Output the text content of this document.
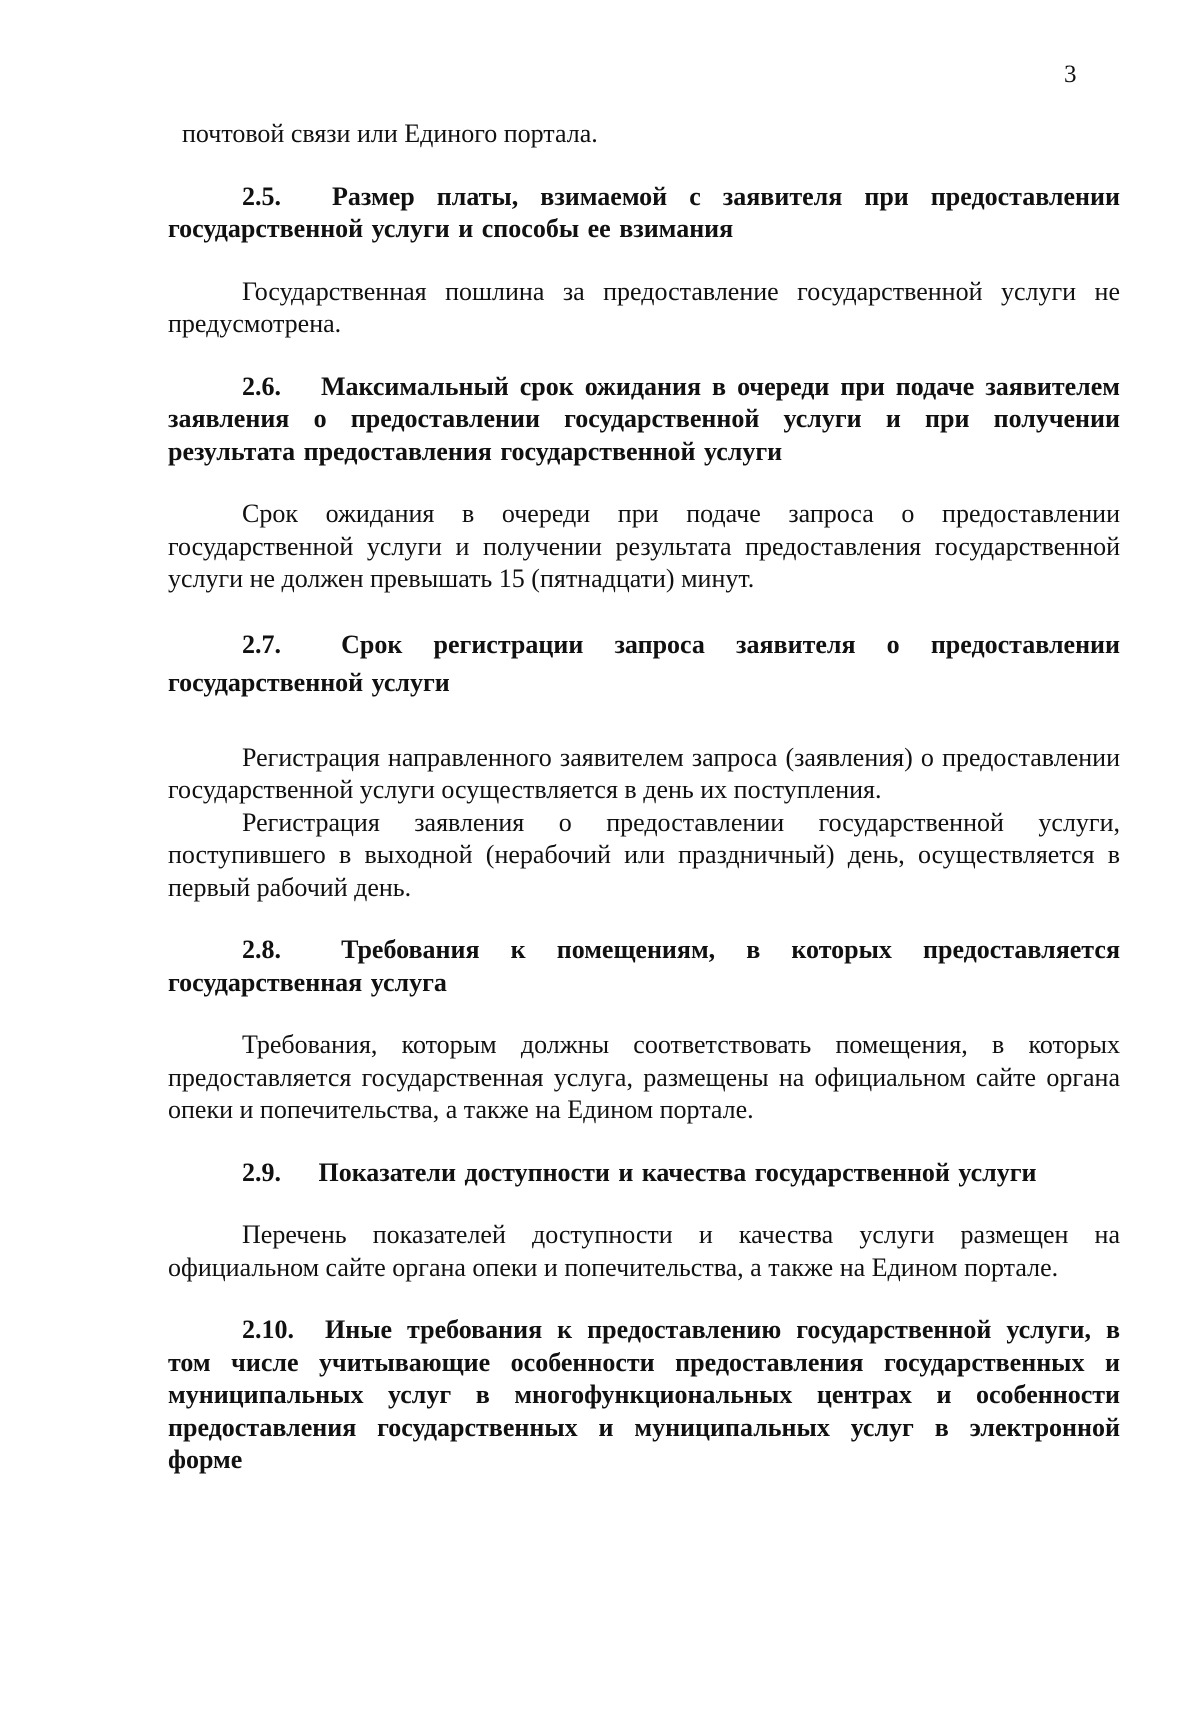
3

почтовой связи или Единого портала.

2.5. Размер платы, взимаемой с заявителя при предоставлении государственной услуги и способы ее взимания

Государственная пошлина за предоставление государственной услуги не предусмотрена.

2.6. Максимальный срок ожидания в очереди при подаче заявителем заявления о предоставлении государственной услуги и при получении результата предоставления государственной услуги

Срок ожидания в очереди при подаче запроса о предоставлении государственной услуги и получении результата предоставления государственной услуги не должен превышать 15 (пятнадцати) минут.

2.7. Срок регистрации запроса заявителя о предоставлении государственной услуги

Регистрация направленного заявителем запроса (заявления) о предоставлении государственной услуги осуществляется в день их поступления.

Регистрация заявления о предоставлении государственной услуги, поступившего в выходной (нерабочий или праздничный) день, осуществляется в первый рабочий день.

2.8. Требования к помещениям, в которых предоставляется государственная услуга

Требования, которым должны соответствовать помещения, в которых предоставляется государственная услуга, размещены на официальном сайте органа опеки и попечительства, а также на Едином портале.

2.9. Показатели доступности и качества государственной услуги

Перечень показателей доступности и качества услуги размещен на официальном сайте органа опеки и попечительства, а также на Едином портале.

2.10. Иные требования к предоставлению государственной услуги, в том числе учитывающие особенности предоставления государственных и муниципальных услуг в многофункциональных центрах и особенности предоставления государственных и муниципальных услуг в электронной форме
